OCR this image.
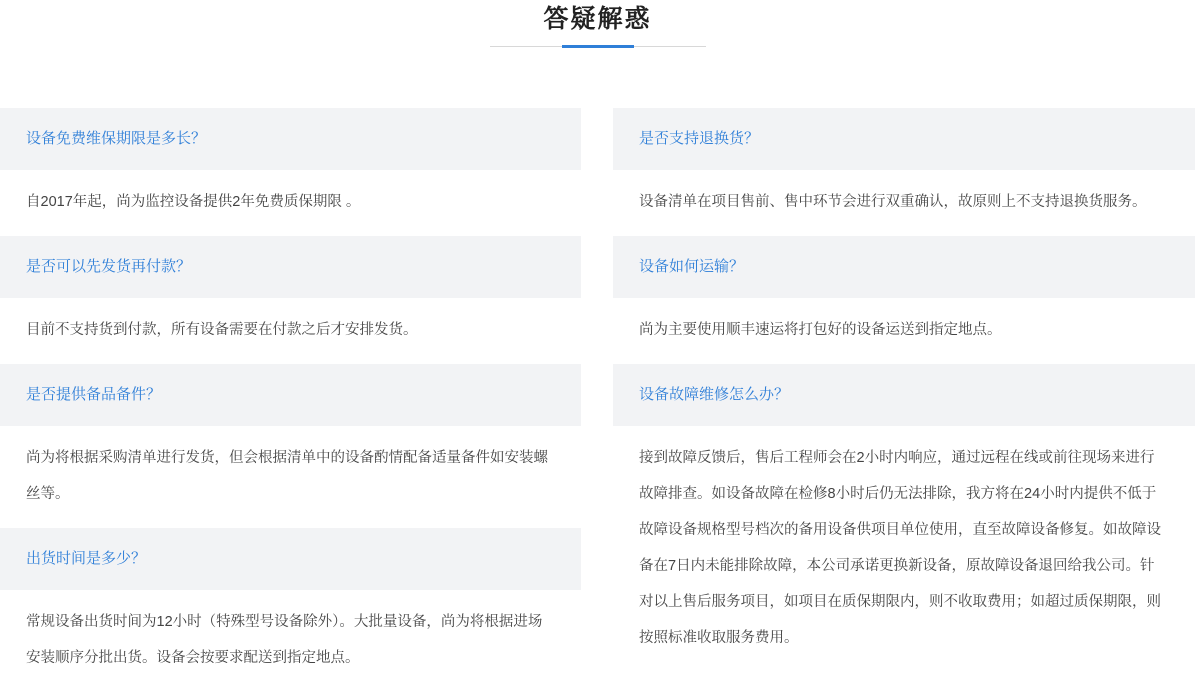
答疑解惑
设备免费维保期限是多长？
自2017年起，尚为监控设备提供2年免费质保期限 。
是否可以先发货再付款？
目前不支持货到付款，所有设备需要在付款之后才安排发货。
是否提供备品备件？
尚为将根据采购清单进行发货，但会根据清单中的设备酌情配备适量备件如安装螺丝等。
出货时间是多少？
常规设备出货时间为12小时（特殊型号设备除外）。大批量设备，尚为将根据进场安装顺序分批出货。设备会按要求配送到指定地点。
是否支持退换货？
设备清单在项目售前、售中环节会进行双重确认，故原则上不支持退换货服务。
设备如何运输？
尚为主要使用顺丰速运将打包好的设备运送到指定地点。
设备故障维修怎么办？
接到故障反馈后，售后工程师会在2小时内响应，通过远程在线或前往现场来进行故障排查。如设备故障在检修8小时后仍无法排除，我方将在24小时内提供不低于故障设备规格型号档次的备用设备供项目单位使用，直至故障设备修复。如故障设备在7日内未能排除故障，本公司承诺更换新设备，原故障设备退回给我公司。针对以上售后服务项目，如项目在质保期限内，则不收取费用；如超过质保期限，则按照标准收取服务费用。
